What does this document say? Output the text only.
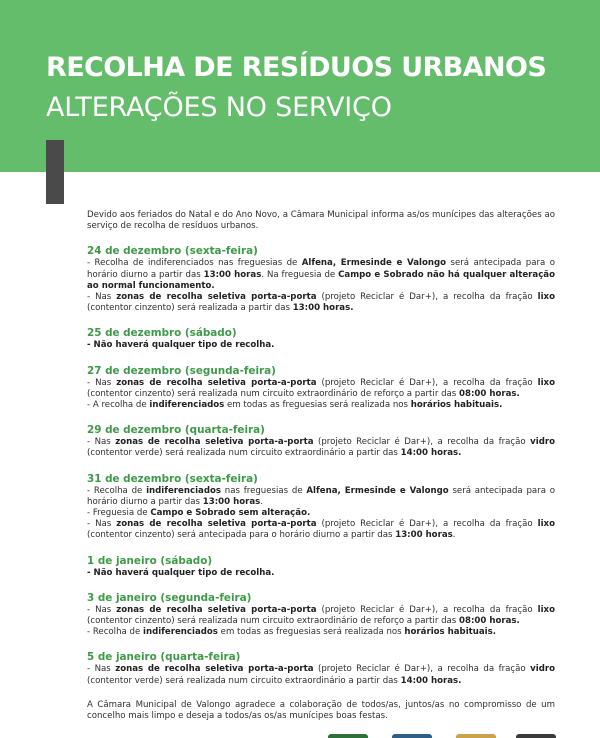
RECOLHA DE RESÍDUOS URBANOS
ALTERAÇÕES NO SERVIÇO

Devido aos feriados do Natal e do Ano Novo, a Câmara Municipal informa as/os munícipes das alterações ao serviço de recolha de resíduos urbanos.

24 de dezembro (sexta-feira)
- Recolha de indiferenciados nas freguesias de Alfena, Ermesinde e Valongo será antecipada para o horário diurno a partir das 13:00 horas. Na freguesia de Campo e Sobrado não há qualquer alteração ao normal funcionamento.
- Nas zonas de recolha seletiva porta-a-porta (projeto Reciclar é Dar+), a recolha da fração lixo (contentor cinzento) será realizada a partir das 13:00 horas.
25 de dezembro (sábado)
- Não haverá qualquer tipo de recolha.
27 de dezembro (segunda-feira)
- Nas zonas de recolha seletiva porta-a-porta (projeto Reciclar é Dar+), a recolha da fração lixo (contentor cinzento) será realizada num circuito extraordinário de reforço a partir das 08:00 horas.
- A recolha de indiferenciados em todas as freguesias será realizada nos horários habituais.
29 de dezembro (quarta-feira)
- Nas zonas de recolha seletiva porta-a-porta (projeto Reciclar é Dar+), a recolha da fração vidro (contentor verde) será realizada num circuito extraordinário a partir das 14:00 horas.
31 de dezembro (sexta-feira)
- Recolha de indiferenciados nas freguesias de Alfena, Ermesinde e Valongo será antecipada para o horário diurno a partir das 13:00 horas.
- Freguesia de Campo e Sobrado sem alteração.
- Nas zonas de recolha seletiva porta-a-porta (projeto Reciclar é Dar+), a recolha da fração lixo (contentor cinzento) será antecipada para o horário diurno a partir das 13:00 horas.
1 de janeiro (sábado)
- Não haverá qualquer tipo de recolha.
3 de janeiro (segunda-feira)
- Nas zonas de recolha seletiva porta-a-porta (projeto Reciclar é Dar+), a recolha da fração lixo (contentor cinzento) será realizada num circuito extraordinário de reforço a partir das 08:00 horas.
- Recolha de indiferenciados em todas as freguesias será realizada nos horários habituais.
5 de janeiro (quarta-feira)
- Nas zonas de recolha seletiva porta-a-porta (projeto Reciclar é Dar+), a recolha da fração vidro (contentor verde) será realizada num circuito extraordinário a partir das 14:00 horas.

A Câmara Municipal de Valongo agradece a colaboração de todos/as, juntos/as no compromisso de um concelho mais limpo e deseja a todos/as os/as munícipes boas festas.
